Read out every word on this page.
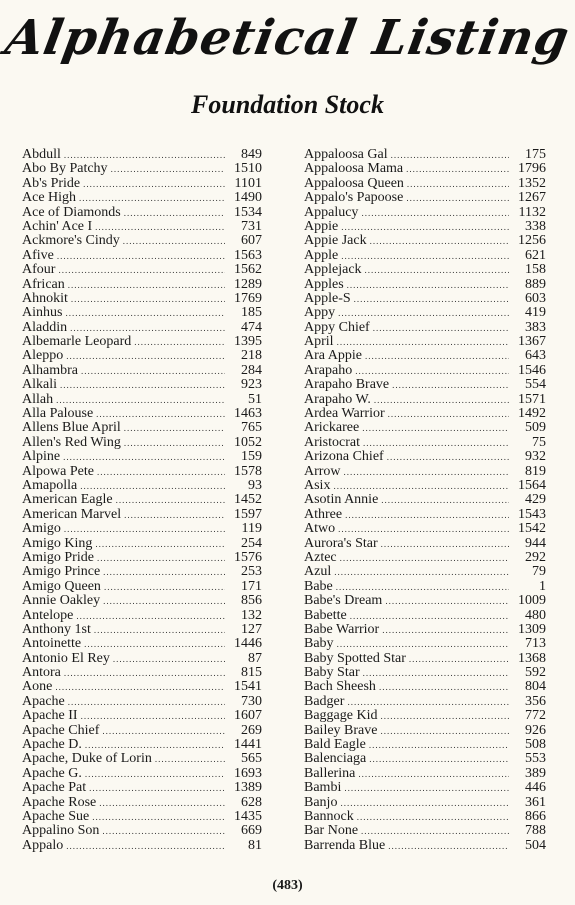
Alphabetical Listing
Foundation Stock
Abdull .....	849
Abo By Patchy .....	1510
Ab's Pride .....	1101
Ace High .....	1490
Ace of Diamonds .....	1534
Achin' Ace I .....	731
Ackmore's Cindy .....	607
Afive .....	1563
Afour .....	1562
African .....	1289
Ahnokit .....	1769
Ainhus .....	185
Aladdin .....	474
Albemarle Leopard .....	1395
Aleppo .....	218
Alhambra .....	284
Alkali .....	923
Allah .....	51
Alla Palouse .....	1463
Allens Blue April .....	765
Allen's Red Wing .....	1052
Alpine .....	159
Alpowa Pete .....	1578
Amapolla .....	93
American Eagle .....	1452
American Marvel .....	1597
Amigo .....	119
Amigo King .....	254
Amigo Pride .....	1576
Amigo Prince .....	253
Amigo Queen .....	171
Annie Oakley .....	856
Antelope .....	132
Anthony 1st .....	127
Antoinette .....	1446
Antonio El Rey .....	87
Antora .....	815
Aone .....	1541
Apache .....	730
Apache II .....	1607
Apache Chief .....	269
Apache D. .....	1441
Apache, Duke of Lorin .....	565
Apache G. .....	1693
Apache Pat .....	1389
Apache Rose .....	628
Apache Sue .....	1435
Appalino Son .....	669
Appalo .....	81
Appaloosa Gal .....	175
Appaloosa Mama .....	1796
Appaloosa Queen .....	1352
Appalo's Papoose .....	1267
Appalucy .....	1132
Appie .....	338
Appie Jack .....	1256
Apple .....	621
Applejack .....	158
Apples .....	889
Apple-S .....	603
Appy .....	419
Appy Chief .....	383
April .....	1367
Ara Appie .....	643
Arapaho .....	1546
Arapaho Brave .....	554
Arapaho W. .....	1571
Ardea Warrior .....	1492
Arickaree .....	509
Aristocrat .....	75
Arizona Chief .....	932
Arrow .....	819
Asix .....	1564
Asotin Annie .....	429
Athree .....	1543
Atwo .....	1542
Aurora's Star .....	944
Aztec .....	292
Azul .....	79
Babe .....	1
Babe's Dream .....	1009
Babette .....	480
Babe Warrior .....	1309
Baby .....	713
Baby Spotted Star .....	1368
Baby Star .....	592
Bach Sheesh .....	804
Badger .....	356
Baggage Kid .....	772
Bailey Brave .....	926
Bald Eagle .....	508
Balenciaga .....	553
Ballerina .....	389
Bambi .....	446
Banjo .....	361
Bannock .....	866
Bar None .....	788
Barrenda Blue .....	504
(483)
